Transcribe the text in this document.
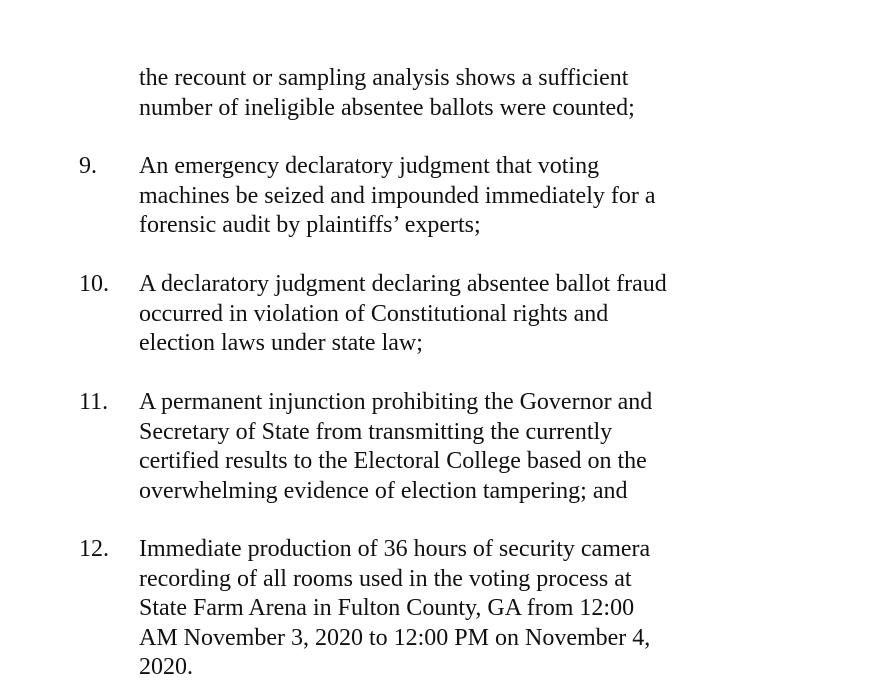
the recount or sampling analysis shows a sufficient
number of ineligible absentee ballots were counted;
9. An emergency declaratory judgment that voting
machines be seized and impounded immediately for a
forensic audit by plaintiffs’ experts;
10. A declaratory judgment declaring absentee ballot fraud
occurred in violation of Constitutional rights and
election laws under state law;
11. A permanent injunction prohibiting the Governor and
Secretary of State from transmitting the currently
certified results to the Electoral College based on the
overwhelming evidence of election tampering; and
12. Immediate production of 36 hours of security camera
recording of all rooms used in the voting process at
State Farm Arena in Fulton County, GA from 12:00
AM November 3, 2020 to 12:00 PM on November 4,
2020.
